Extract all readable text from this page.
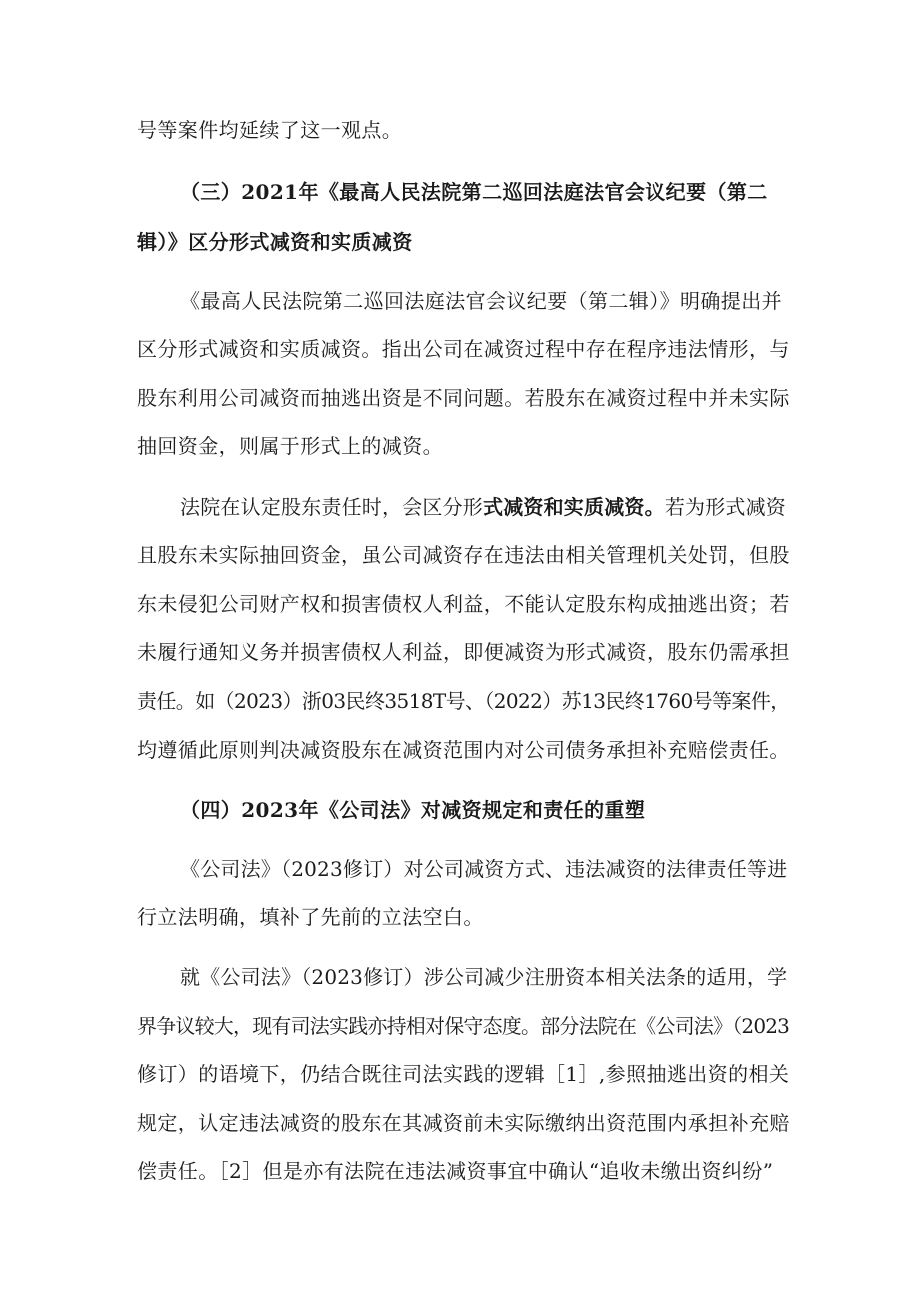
号等案件均延续了这一观点。
（三）2021年《最高人民法院第二巡回法庭法官会议纪要（第二
辑）》区分形式减资和实质减资
《最高人民法院第二巡回法庭法官会议纪要（第二辑）》明确提出并
区分形式减资和实质减资。指出公司在减资过程中存在程序违法情形，与
股东利用公司减资而抽逃出资是不同问题。若股东在减资过程中并未实际
抽回资金，则属于形式上的减资。
法院在认定股东责任时，会区分形式减资和实质减资。若为形式减资
且股东未实际抽回资金，虽公司减资存在违法由相关管理机关处罚，但股
东未侵犯公司财产权和损害债权人利益，不能认定股东构成抽逃出资；若
未履行通知义务并损害债权人利益，即便减资为形式减资，股东仍需承担
责任。如（2023）浙03民终3518T号、（2022）苏13民终1760号等案件，
均遵循此原则判决减资股东在减资范围内对公司债务承担补充赔偿责任。
（四）2023年《公司法》对减资规定和责任的重塑
《公司法》（2023修订）对公司减资方式、违法减资的法律责任等进
行立法明确，填补了先前的立法空白。
就《公司法》（2023修订）涉公司减少注册资本相关法条的适用，学
界争议较大，现有司法实践亦持相对保守态度。部分法院在《公司法》（2023
修订）的语境下，仍结合既往司法实践的逻辑［1］,参照抽逃出资的相关
规定，认定违法减资的股东在其减资前未实际缴纳出资范围内承担补充赔
偿责任。［2］但是亦有法院在违法减资事宜中确认“追收未缴出资纠纷”
